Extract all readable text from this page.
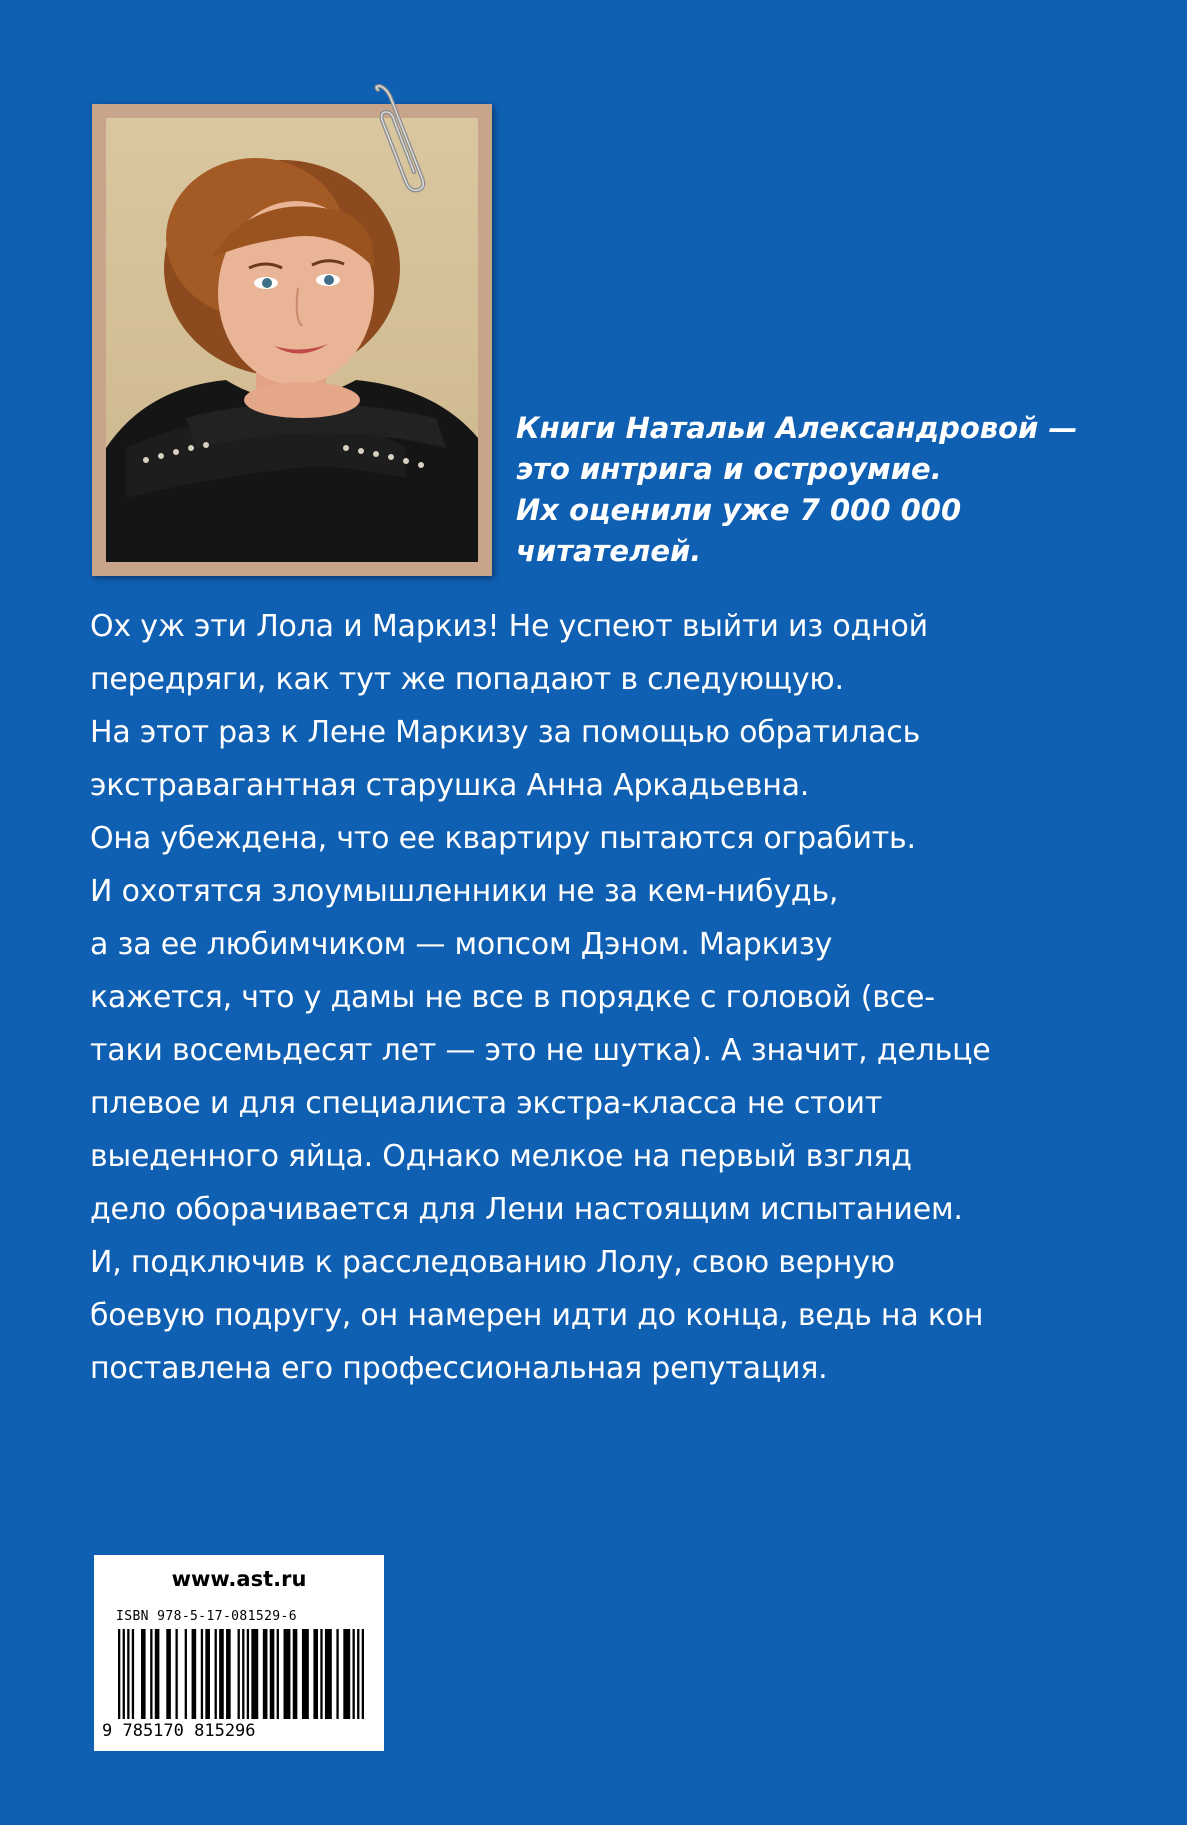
Книги Натальи Александровой —
это интрига и остроумие.
Их оценили уже 7 000 000
читателей.
Ох уж эти Лола и Маркиз! Не успеют выйти из одной
передряги, как тут же попадают в следующую.
На этот раз к Лене Маркизу за помощью обратилась
экстравагантная старушка Анна Аркадьевна.
Она убеждена, что ее квартиру пытаются ограбить.
И охотятся злоумышленники не за кем-нибудь,
а за ее любимчиком — мопсом Дэном. Маркизу
кажется, что у дамы не все в порядке с головой (все-
таки восемьдесят лет — это не шутка). А значит, дельце
плевое и для специалиста экстра-класса не стоит
выеденного яйца. Однако мелкое на первый взгляд
дело оборачивается для Лени настоящим испытанием.
И, подключив к расследованию Лолу, свою верную
боевую подругу, он намерен идти до конца, ведь на кон
поставлена его профессиональная репутация.
www.ast.ru
ISBN 978-5-17-081529-6
9 785170 815296
